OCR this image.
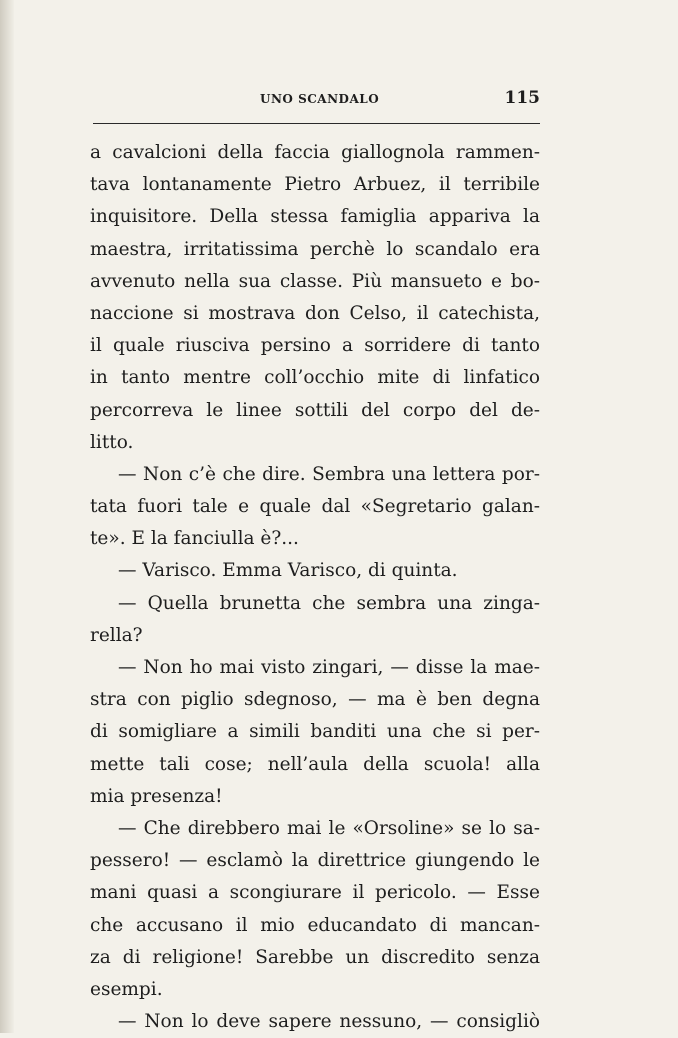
UNO SCANDALO	115
a cavalcioni della faccia giallognola rammen-
tava lontanamente Pietro Arbuez, il terribile
inquisitore. Della stessa famiglia appariva la
maestra, irritatissima perchè lo scandalo era
avvenuto nella sua classe. Più mansueto e bo-
naccione si mostrava don Celso, il catechista,
il quale riusciva persino a sorridere di tanto
in tanto mentre coll’occhio mite di linfatico
percorreva le linee sottili del corpo del de-
litto.
— Non c’è che dire. Sembra una lettera por-
tata fuori tale e quale dal «Segretario galan-
te». E la fanciulla è?...
— Varisco. Emma Varisco, di quinta.
— Quella brunetta che sembra una zinga-
rella?
— Non ho mai visto zingari, — disse la mae-
stra con piglio sdegnoso, — ma è ben degna
di somigliare a simili banditi una che si per-
mette tali cose; nell’aula della scuola! alla
mia presenza!
— Che direbbero mai le «Orsoline» se lo sa-
pessero! — esclamò la direttrice giungendo le
mani quasi a scongiurare il pericolo. — Esse
che accusano il mio educandato di mancan-
za di religione! Sarebbe un discredito senza
esempi.
— Non lo deve sapere nessuno, — consigliò
